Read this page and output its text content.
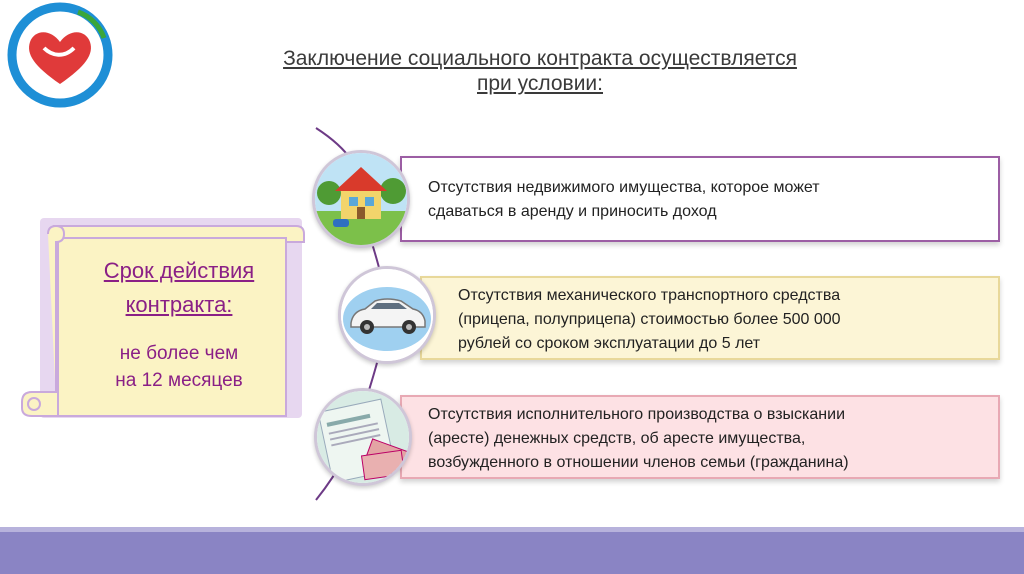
Заключение социального контракта осуществляется
при условии:
Срок действия
контракта:
не более чем
на 12 месяцев
Отсутствия недвижимого имущества, которое может
сдаваться в аренду и приносить доход
Отсутствия механического транспортного средства
(прицепа, полуприцепа) стоимостью более 500 000
рублей со сроком эксплуатации до 5 лет
Отсутствия исполнительного производства о взыскании
(аресте) денежных средств, об аресте имущества,
возбужденного в отношении членов семьи (гражданина)
